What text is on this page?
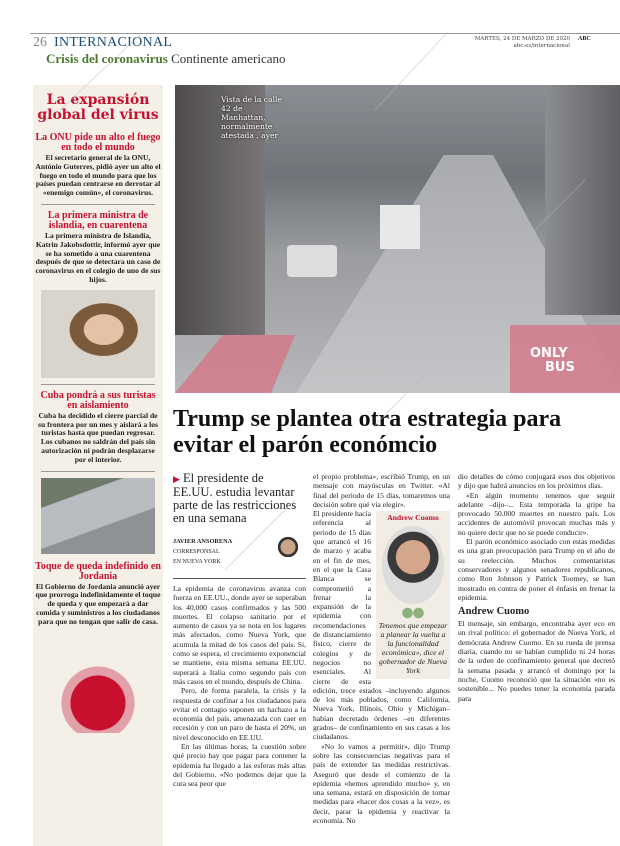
26 INTERNACIONAL
Crisis del coronavirus Continente americano
MARTES, 24 DE MARZO DE 2020
abc.es/internacional
ABC
La expansión global del virus
La ONU pide un alto el fuego en todo el mundo

El secretario general de la ONU, António Guterres, pidió ayer un alto el fuego en todo el mundo para que los países puedan centrarse en derrotar al «enemigo común», el coronavirus.

La primera ministra de islandia, en cuarentena

La primera ministra de Islandia, Katrin Jakobsdottir, informó ayer que se ha sometido a una cuarentena después de que se detectara un caso de coronavirus en el colegio de uno de sus hijos.

Cuba pondrá a sus turistas en aislamiento

Cuba ha decidido el cierre parcial de su frontera por un mes y aislará a los turistas hasta que puedan regresar. Los cubanos no saldrán del país sin autorización ni podrán desplazarse por el interior.

Toque de queda indefinido en Jordania

El Gobierno de Jordania anunció ayer que prorroga indefinidamente el toque de queda y que empezará a dar comida y suministros a los ciudadanos para que no tengan que salir de casa.

ONLY
BUS
Vista de la calle 42 de Manhattan, normalmente atestada , ayer
Trump se plantea otra estrategia para evitar el parón económcio
▶ El presidente de EE.UU. estudia levantar parte de las restricciones en una semana
JAVIER ANSORENA
CORRESPONSAL
EN NUEVA YORK

La epidemia de coronavirus avanza con fuerza en EE.UU., donde ayer se superaban los 40.000 casos confirmados y las 500 muertes. El colapso sanitario por el aumento de casos ya se nota en los lugares más afectados, como Nueva York, que acumula la mitad de los casos del país. Si, como se espera, el crecimiento exponencial se mantiene, esta misma semana EE.UU. superará a Italia como segundo país con más casos en el mundo, después de China.

Pero, de forma paralela, la crisis y la respuesta de confinar a los ciudadanos para evitar el contagio suponen un hachazo a la economía del país, amenazada con caer en recesión y con un paro de hasta el 20%, un nivel desconocido en EE.UU.

En las últimas horas, la cuestión sobre qué precio hay que pagar para contener la epidemia ha llegado a las esferas más altas del Gobierno. «No podemos dejar que la cura sea peor que

el propio problema», escribió Trump, en un mensaje con mayúsculas en Twitter. «Al final del periodo de 15 días, tomaremos una decisión sobre qué vía elegir».

Andrew Cuomo
Tenemos que empezar a planear la vuelta a la funcionalidad económica», dice el gobernador de Nueva York

El presidente hacía referencia al periodo de 15 días que arrancó el 16 de marzo y acaba en el fin de mes, en el que la Casa Blanca se comprometió a frenar la expansión de la epidemia con recomendaciones de distanciamiento físico, cierre de colegios y de negocios no esenciales. Al cierre de esta edición, trece estados –incluyendo algunos de los más poblados, como California, Nueva York, Illinois, Ohio y Michigan– habían decretado órdenes –en diferentes grados– de confinamiento en sus casas a los ciudadanos.

«No lo vamos a permitir», dijo Trump sobre las consecuencias negativas para el país de extender las medidas restrictivas. Aseguró que desde el comienzo de la epidemia «hemos aprendido mucho» y, en una semana, estará en disposición de tomar medidas para «hacer dos cosas a la vez», es decir, parar la epidemia y reactivar la economía. No

dio detalles de cómo conjugará esos dos objetivos y dijo que habrá anuncios en los próximos días.

«En algún momento tenemos que seguir adelante –dijo–... Esta temporada la gripe ha provocado 50.000 muertes en nuestro país. Los accidentes de automóvil provocan muchas más y no quiere decir que no se puede conducir».

El parón económico asociado con estas medidas es una gran preocupación para Trump en el año de su reelección. Muchos comentaristas conservadores y algunos senadores republicanos, como Ron Johnson y Patrick Toomey, se han mostrado en contra de poner el énfasis en frenar la epidemia.

Andrew Cuomo

El mensaje, sin embargo, encontraba ayer eco en un rival político: el gobernador de Nueva York, el demócrata Andrew Cuomo. En su rueda de prensa diaria, cuando no se habían cumplido ni 24 horas de la orden de confinamiento general que decretó la semana pasada y arrancó el domingo por la noche, Cuomo reconoció que la situación «no es sostenible... No puedes tener la economía parada para
